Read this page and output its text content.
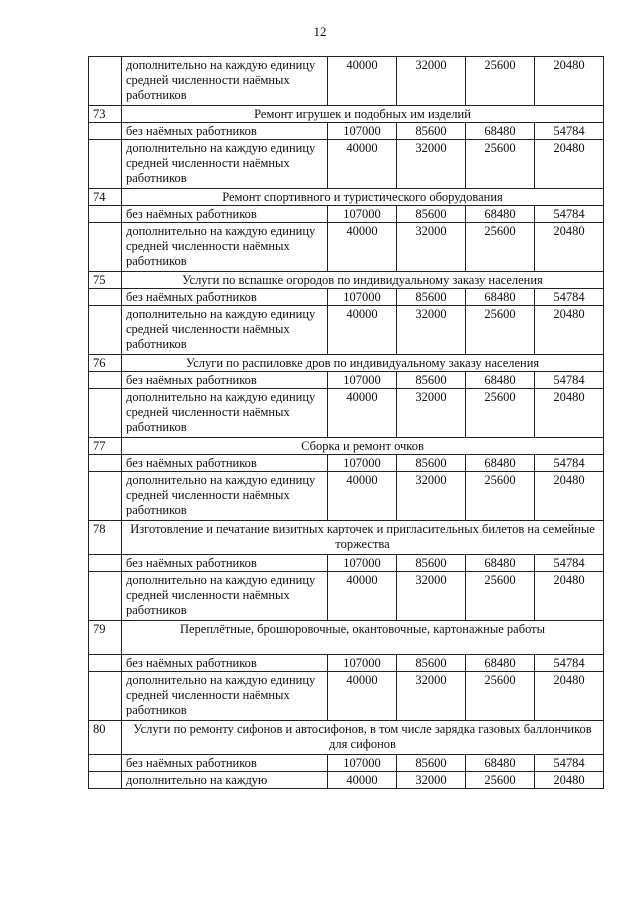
12
	дополнительно на каждую единицу средней численности наёмных работников	40000	32000	25600	20480
73	Ремонт игрушек и подобных им изделий				
	без наёмных работников	107000	85600	68480	54784
	дополнительно на каждую единицу средней численности наёмных работников	40000	32000	25600	20480
74	Ремонт спортивного и туристического оборудования				
	без наёмных работников	107000	85600	68480	54784
	дополнительно на каждую единицу средней численности наёмных работников	40000	32000	25600	20480
75	Услуги по вспашке огородов по индивидуальному заказу населения				
	без наёмных работников	107000	85600	68480	54784
	дополнительно на каждую единицу средней численности наёмных работников	40000	32000	25600	20480
76	Услуги по распиловке дров по индивидуальному заказу населения				
	без наёмных работников	107000	85600	68480	54784
	дополнительно на каждую единицу средней численности наёмных работников	40000	32000	25600	20480
77	Сборка и ремонт очков				
	без наёмных работников	107000	85600	68480	54784
	дополнительно на каждую единицу средней численности наёмных работников	40000	32000	25600	20480
78	Изготовление и печатание визитных карточек и пригласительных билетов на семейные торжества				
	без наёмных работников	107000	85600	68480	54784
	дополнительно на каждую единицу средней численности наёмных работников	40000	32000	25600	20480
79	Переплётные, брошюровочные, окантовочные, картонажные работы				
	без наёмных работников	107000	85600	68480	54784
	дополнительно на каждую единицу средней численности наёмных работников	40000	32000	25600	20480
80	Услуги по ремонту сифонов и автосифонов, в том числе зарядка газовых баллончиков для сифонов				
	без наёмных работников	107000	85600	68480	54784
	дополнительно на каждую	40000	32000	25600	20480
